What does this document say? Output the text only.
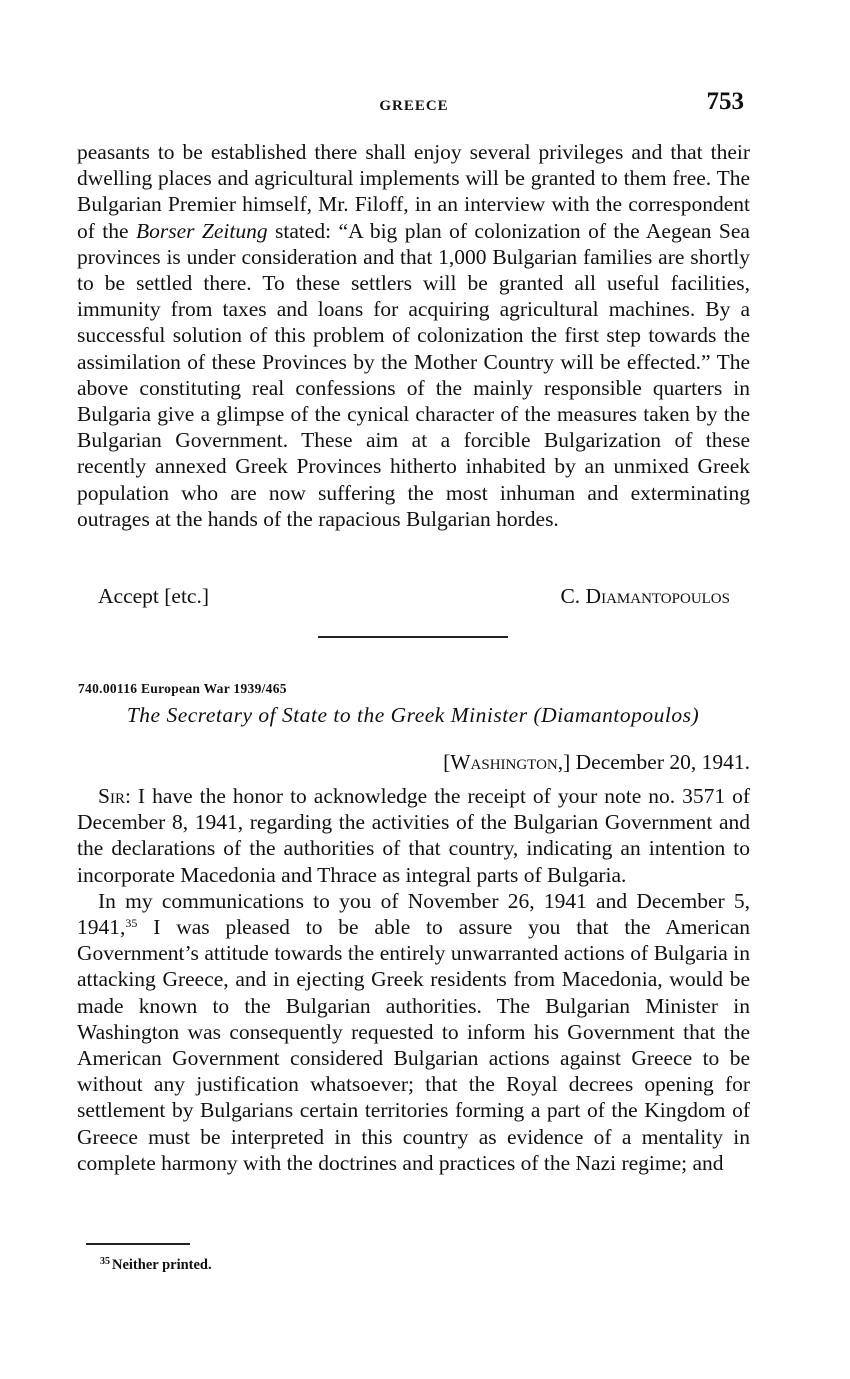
GREECE	753

peasants to be established there shall enjoy several privileges and that their dwelling places and agricultural implements will be granted to them free. The Bulgarian Premier himself, Mr. Filoff, in an interview with the correspondent of the Borser Zeitung stated: “A big plan of colonization of the Aegean Sea provinces is under consideration and that 1,000 Bulgarian families are shortly to be settled there. To these settlers will be granted all useful facilities, immunity from taxes and loans for acquiring agricultural machines. By a successful solution of this problem of colonization the first step towards the assimilation of these Provinces by the Mother Country will be effected.” The above constituting real confessions of the mainly responsible quarters in Bulgaria give a glimpse of the cynical character of the measures taken by the Bulgarian Government. These aim at a forcible Bulgarization of these recently annexed Greek Provinces hitherto inhabited by an unmixed Greek population who are now suffering the most inhuman and exterminating outrages at the hands of the rapacious Bulgarian hordes.

Accept [etc.]	C. Diamantopoulos
740.00116 European War 1939/465
The Secretary of State to the Greek Minister (Diamantopoulos)
[Washington,] December 20, 1941.

Sir: I have the honor to acknowledge the receipt of your note no. 3571 of December 8, 1941, regarding the activities of the Bulgarian Government and the declarations of the authorities of that country, indicating an intention to incorporate Macedonia and Thrace as integral parts of Bulgaria.

In my communications to you of November 26, 1941 and December 5, 1941,35 I was pleased to be able to assure you that the American Government’s attitude towards the entirely unwarranted actions of Bulgaria in attacking Greece, and in ejecting Greek residents from Macedonia, would be made known to the Bulgarian authorities. The Bulgarian Minister in Washington was consequently requested to inform his Government that the American Government considered Bulgarian actions against Greece to be without any justification whatsoever; that the Royal decrees opening for settlement by Bulgarians certain territories forming a part of the Kingdom of Greece must be interpreted in this country as evidence of a mentality in complete harmony with the doctrines and practices of the Nazi regime; and

$^{35}$ Neither printed.
